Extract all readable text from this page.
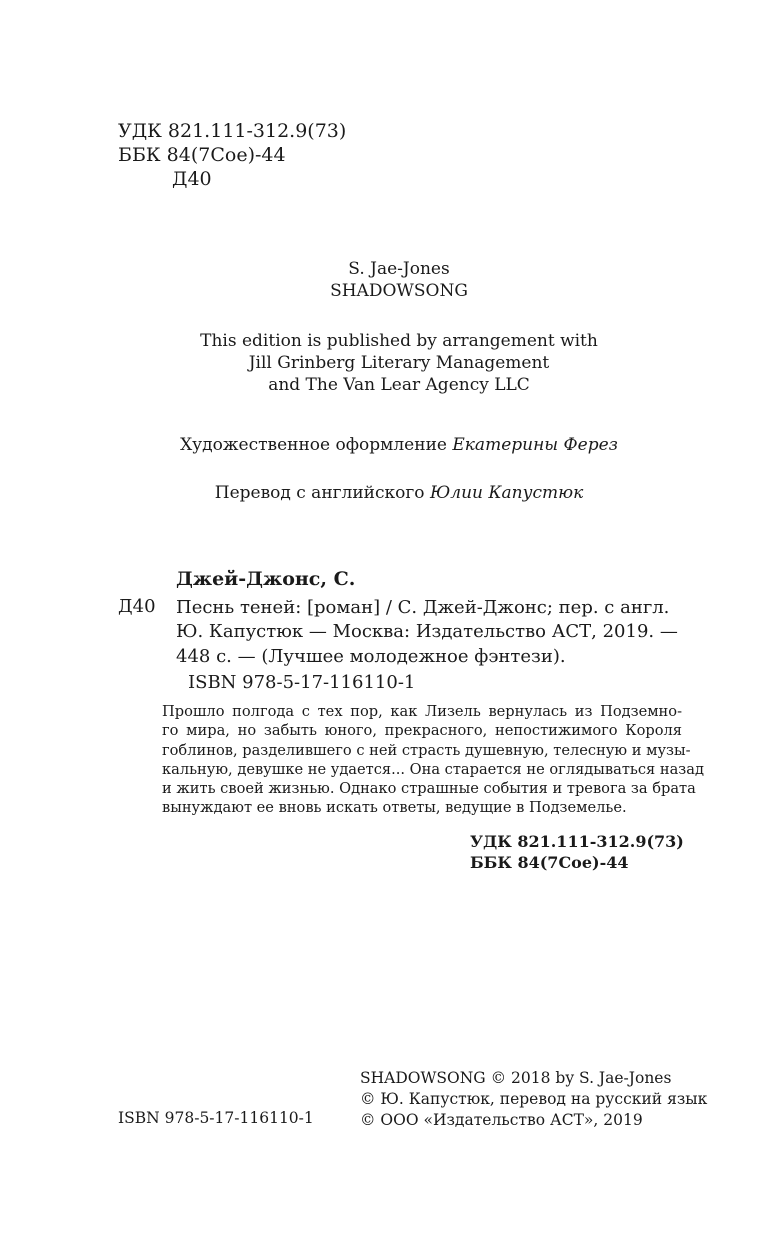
УДК 821.111-312.9(73)
ББК 84(7Сое)-44
Д40
S. Jae-Jones
SHADOWSONG
This edition is published by arrangement with
Jill Grinberg Literary Management
and The Van Lear Agency LLC
Художественное оформление Екатерины Ферез
Перевод с английского Юлии Капустюк
Джей-Джонс, С.
Д40 Песнь теней: [роман] / С. Джей-Джонс; пер. с англ.
Ю. Капустюк — Москва: Издательство АСТ, 2019. —
448 с. — (Лучшее молодежное фэнтези).
ISBN 978-5-17-116110-1
Прошло полгода с тех пор, как Лизель вернулась из Подземно-
го мира, но забыть юного, прекрасного, непостижимого Короля
гоблинов, разделившего с ней страсть душевную, телесную и музы-
кальную, девушке не удается... Она старается не оглядываться назад
и жить своей жизнью. Однако страшные события и тревога за брата
вынуждают ее вновь искать ответы, ведущие в Подземелье.
УДК 821.111-312.9(73)
ББК 84(7Сое)-44
SHADOWSONG © 2018 by S. Jae-Jones
© Ю. Капустюк, перевод на русский язык
© ООО «Издательство АСТ», 2019
ISBN 978-5-17-116110-1
